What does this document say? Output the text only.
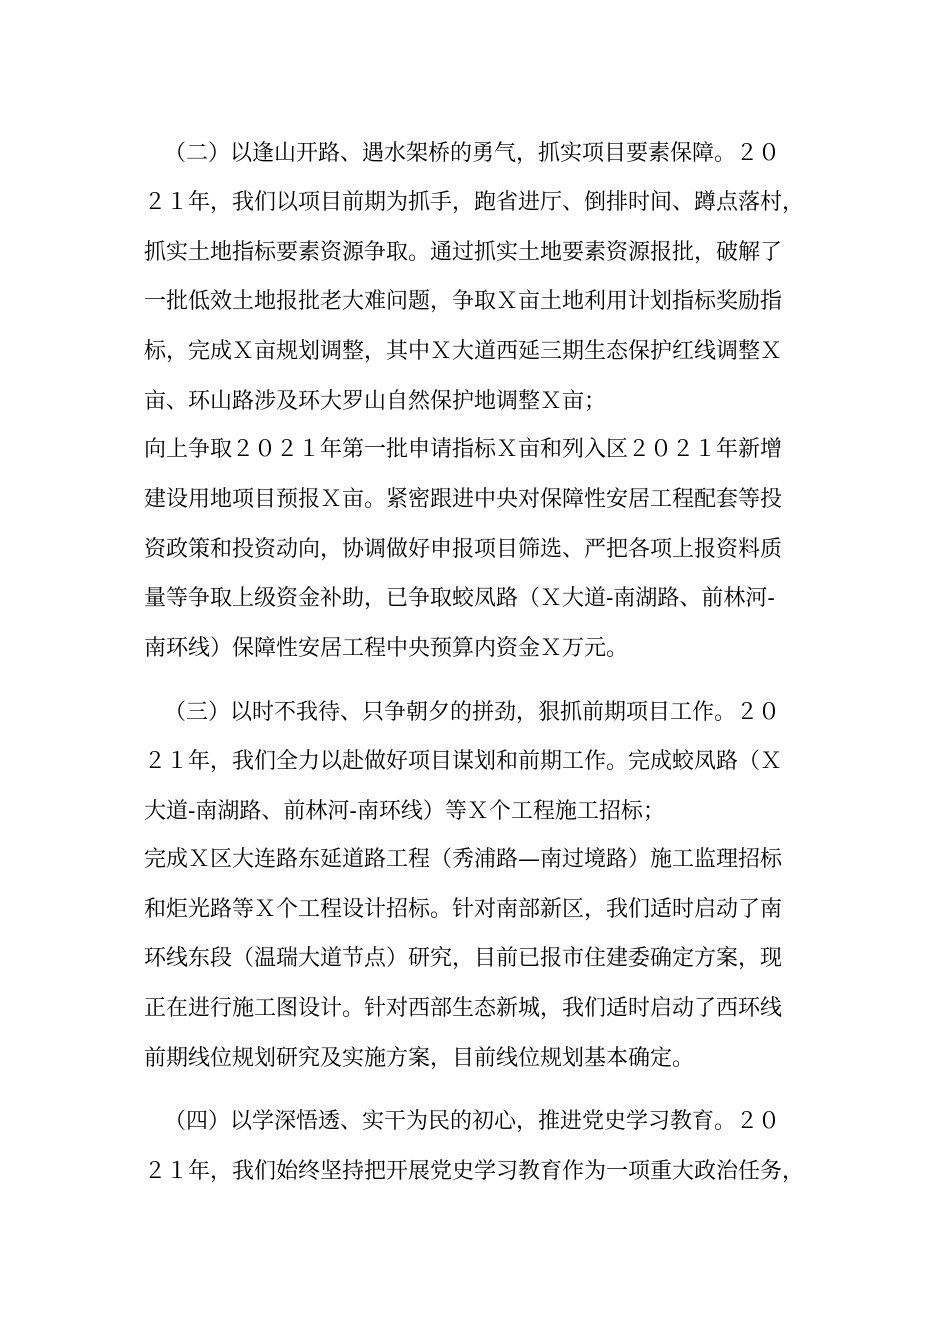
（二）以逢山开路、遇水架桥的勇气，抓实项目要素保障。２０
２１年，我们以项目前期为抓手，跑省进厅、倒排时间、蹲点落村，
抓实土地指标要素资源争取。通过抓实土地要素资源报批，破解了
一批低效土地报批老大难问题，争取Ｘ亩土地利用计划指标奖励指
标，完成Ｘ亩规划调整，其中Ｘ大道西延三期生态保护红线调整Ｘ
亩、环山路涉及环大罗山自然保护地调整Ｘ亩；
向上争取２０２１年第一批申请指标Ｘ亩和列入区２０２１年新增
建设用地项目预报Ｘ亩。紧密跟进中央对保障性安居工程配套等投
资政策和投资动向，协调做好申报项目筛选、严把各项上报资料质
量等争取上级资金补助，已争取蛟凤路（Ｘ大道-南湖路、前林河-
南环线）保障性安居工程中央预算内资金Ｘ万元。
（三）以时不我待、只争朝夕的拼劲，狠抓前期项目工作。２０
２１年，我们全力以赴做好项目谋划和前期工作。完成蛟凤路（Ｘ
大道-南湖路、前林河-南环线）等Ｘ个工程施工招标；
完成Ｘ区大连路东延道路工程（秀浦路—南过境路）施工监理招标
和炬光路等Ｘ个工程设计招标。针对南部新区，我们适时启动了南
环线东段（温瑞大道节点）研究，目前已报市住建委确定方案，现
正在进行施工图设计。针对西部生态新城，我们适时启动了西环线
前期线位规划研究及实施方案，目前线位规划基本确定。
（四）以学深悟透、实干为民的初心，推进党史学习教育。２０
２１年，我们始终坚持把开展党史学习教育作为一项重大政治任务，
